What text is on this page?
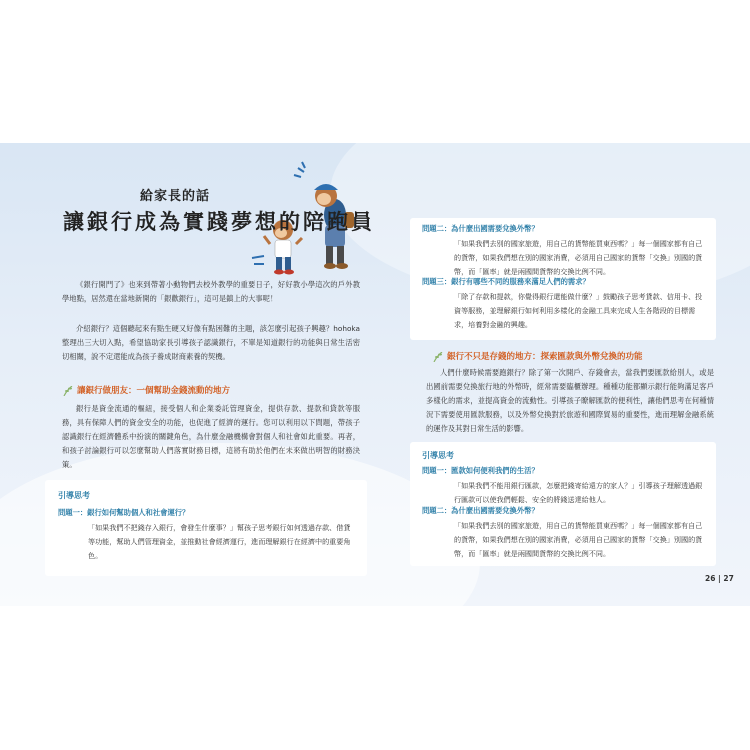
給家長的話
讓銀行成為實踐夢想的陪跑員
《銀行開門了》也來到帶著小動物們去校外教學的重要日子，好好教小學這次的戶外教學地點，居然還在當地新開的「銀歡銀行」，這可是鎮上的大事呢！
介紹銀行？這個聽起來有點生硬又好像有點困難的主題，該怎麼引起孩子興趣？hohoka 整理出三大切入點，希望協助家長引導孩子認識銀行，不單是知道銀行的功能與日常生活密切相關，說不定還能成為孩子養成財商素養的契機。
讓銀行做朋友：一個幫助金錢流動的地方
銀行是資金流通的樞紐，接受個人和企業委託管理資金，提供存款、提款和貸款等服務，具有保障人們的資金安全的功能，也促進了經濟的運行。您可以利用以下問題，帶孩子認識銀行在經濟體系中扮演的關鍵角色，為什麼金融機構會對個人和社會如此重要。再者，和孩子討論銀行可以怎麼幫助人們落實財務目標，這將有助於他們在未來做出明智的財務決策。
引導思考
問題一：銀行如何幫助個人和社會運行？
「如果我們不把錢存入銀行，會發生什麼事？」幫孩子思考銀行如何透過存款、借貸等功能，幫助人們管理資金，並推動社會經濟運行，進而理解銀行在經濟中的重要角色。
問題二：為什麼出國需要兌換外幣？
「如果我們去別的國家旅遊，用自己的貨幣能買東西嗎？」每一個國家都有自己的貨幣，如果我們想在別的國家消費，必須用自己國家的貨幣「交換」別國的貨幣，而「匯率」就是兩國間貨幣的交換比例不同。
問題三：銀行有哪些不同的服務來滿足人們的需求？
「除了存款和提款，你覺得銀行還能做什麼？」鼓勵孩子思考貸款、信用卡、投資等服務，並理解銀行如何利用多樣化的金融工具來完成人生各階段的目標需求，培養對金融的興趣。
銀行不只是存錢的地方：探索匯款與外幣兌換的功能
人們什麼時候需要跑銀行？除了第一次開戶、存錢會去，當我們要匯款給別人，或是出國前需要兌換旅行地的外幣時，經常需要臨櫃辦理。種種功能都顯示銀行能夠滿足客戶多樣化的需求，並提高資金的流動性。引導孩子瞭解匯款的便利性，讓他們思考在何種情況下需要使用匯款服務，以及外幣兌換對於旅遊和國際貿易的重要性，進而理解金融系統的運作及其對日常生活的影響。
引導思考
問題一：匯款如何便利我們的生活？
「如果我們不能用銀行匯款，怎麼把錢寄給遠方的家人？」引導孩子理解透過銀行匯款可以使我們輕鬆、安全的將錢送達給他人。
問題二：為什麼出國需要兌換外幣？
「如果我們去別的國家旅遊，用自己的貨幣能買東西嗎？」每一個國家都有自己的貨幣，如果我們想在別的國家消費，必須用自己國家的貨幣「交換」別國的貨幣，而「匯率」就是兩國間貨幣的交換比例不同。
26 | 27
